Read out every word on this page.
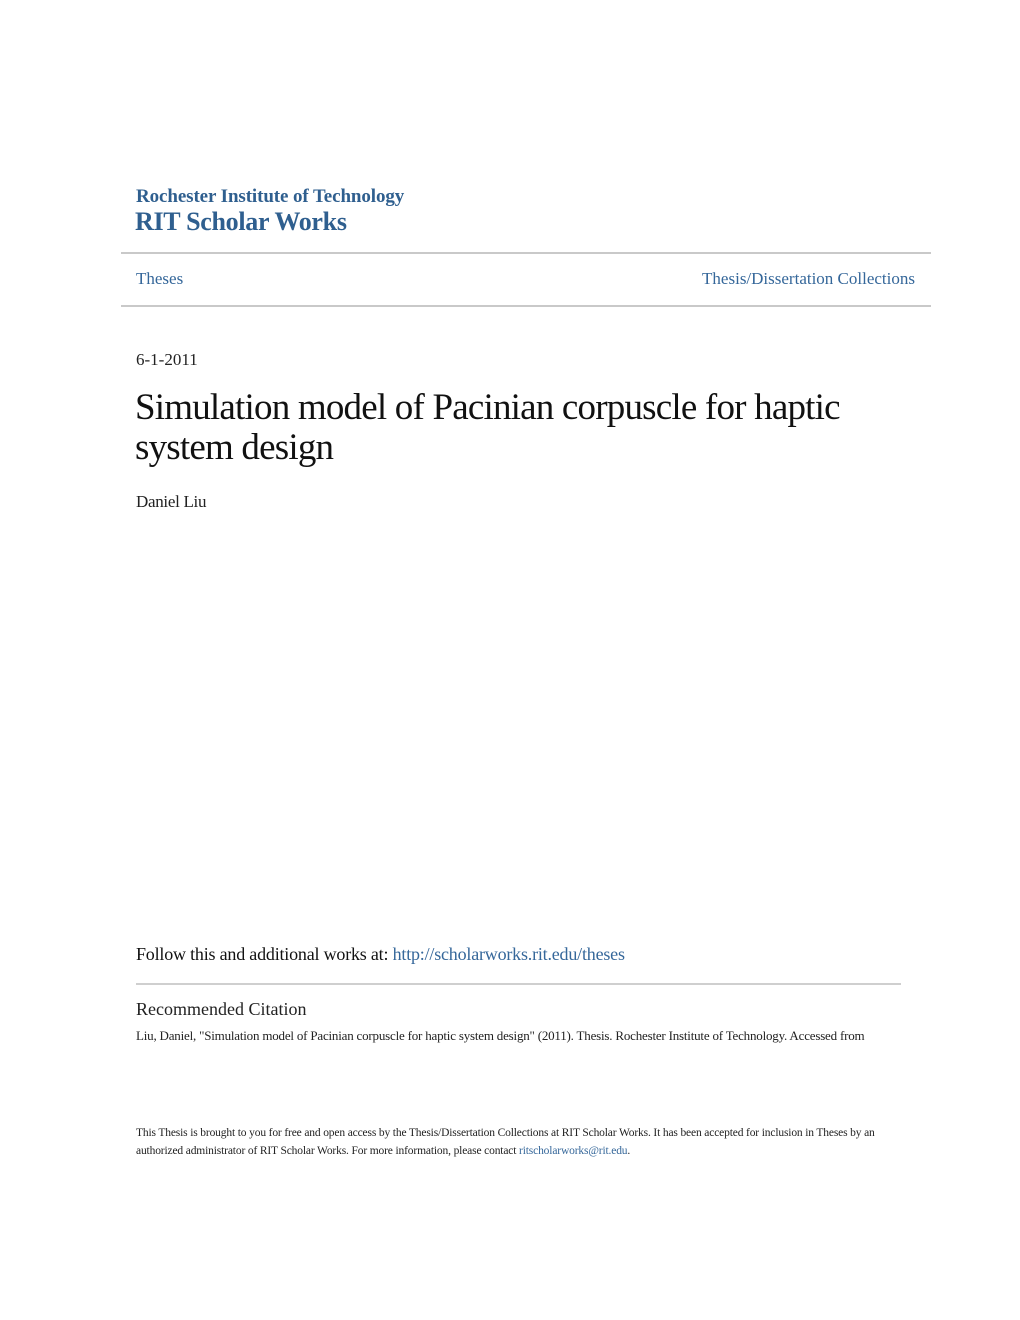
Rochester Institute of Technology
RIT Scholar Works
Theses	Thesis/Dissertation Collections
6-1-2011
Simulation model of Pacinian corpuscle for haptic system design
Daniel Liu
Follow this and additional works at: http://scholarworks.rit.edu/theses
Recommended Citation
Liu, Daniel, "Simulation model of Pacinian corpuscle for haptic system design" (2011). Thesis. Rochester Institute of Technology. Accessed from
This Thesis is brought to you for free and open access by the Thesis/Dissertation Collections at RIT Scholar Works. It has been accepted for inclusion in Theses by an authorized administrator of RIT Scholar Works. For more information, please contact ritscholarworks@rit.edu.
